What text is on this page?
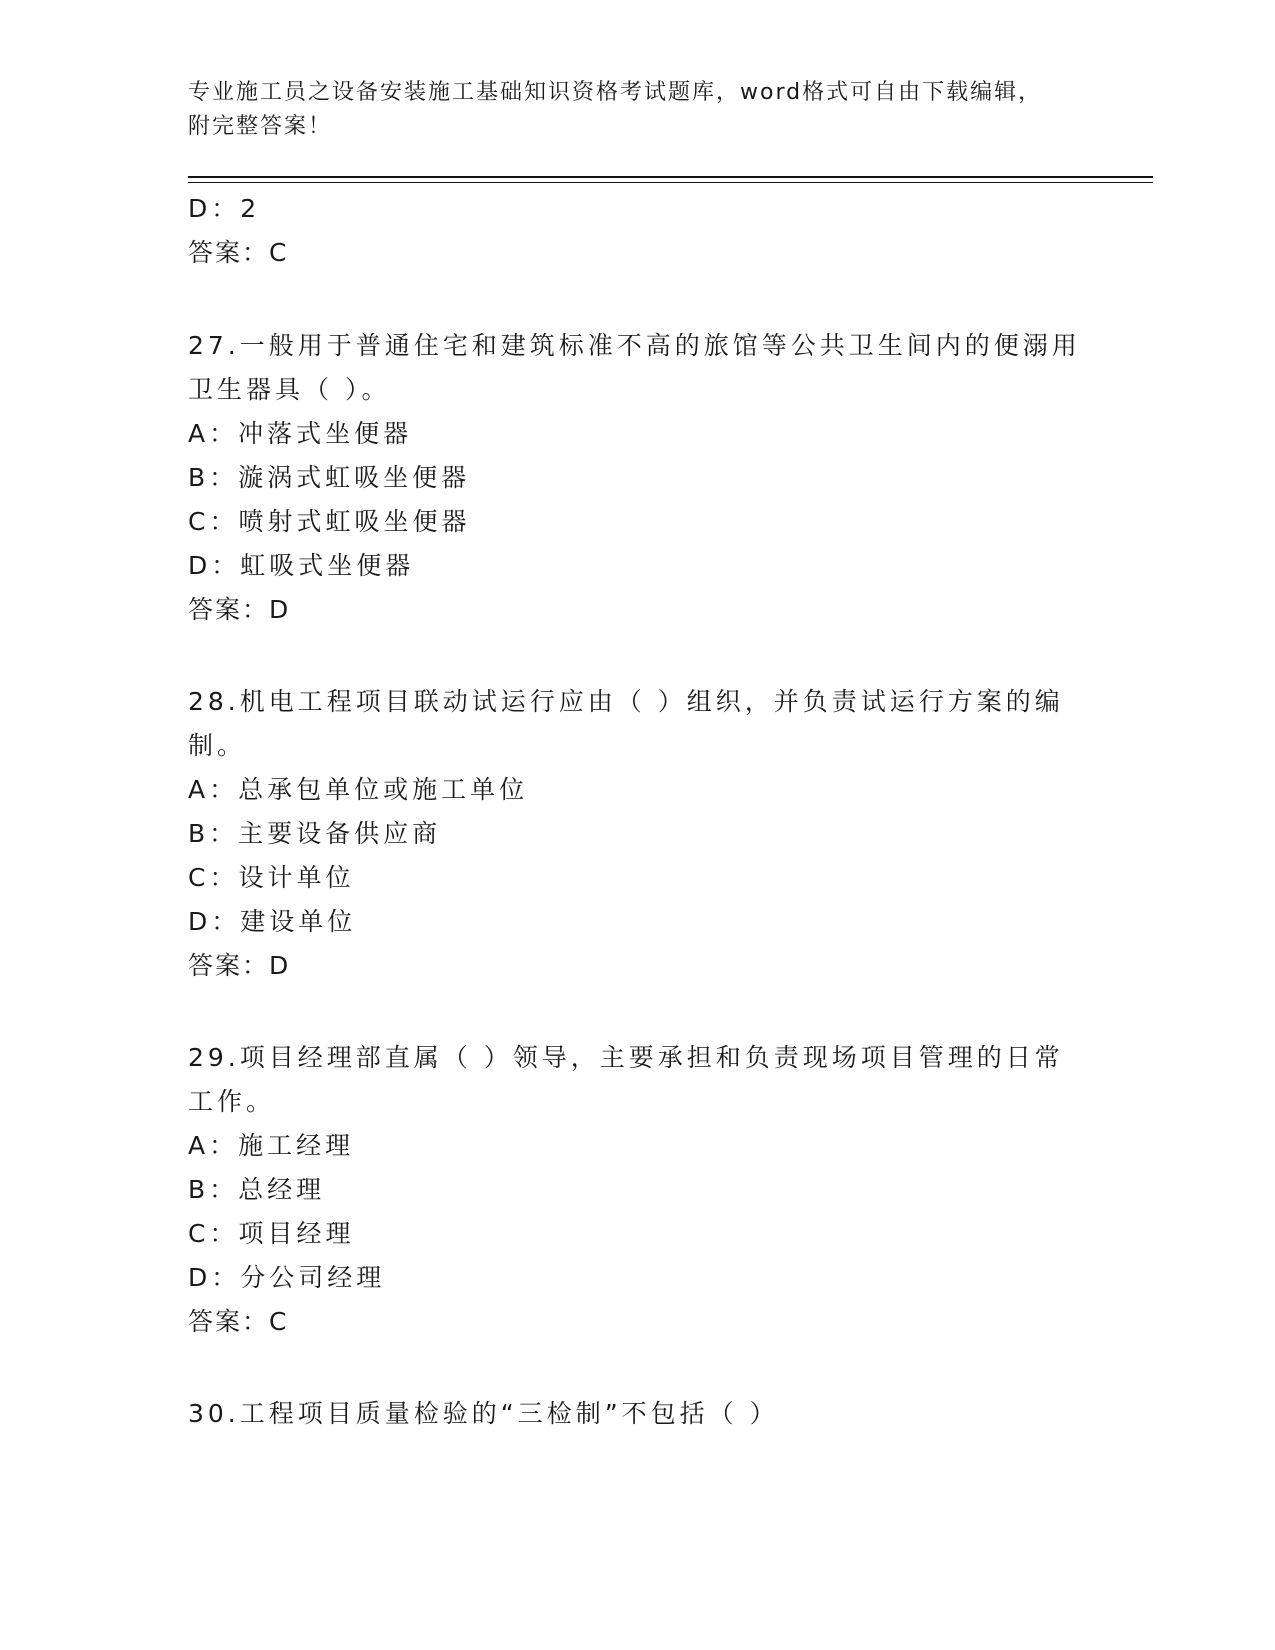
专业施工员之设备安装施工基础知识资格考试题库，word格式可自由下载编辑，
附完整答案！
D：2
答案：C
27.一般用于普通住宅和建筑标准不高的旅馆等公共卫生间内的便溺用
卫生器具（ ）。
A：冲落式坐便器
B：漩涡式虹吸坐便器
C：喷射式虹吸坐便器
D：虹吸式坐便器
答案：D
28.机电工程项目联动试运行应由（ ）组织，并负责试运行方案的编
制。
A：总承包单位或施工单位
B：主要设备供应商
C：设计单位
D：建设单位
答案：D
29.项目经理部直属（ ）领导，主要承担和负责现场项目管理的日常
工作。
A：施工经理
B：总经理
C：项目经理
D：分公司经理
答案：C
30.工程项目质量检验的“三检制”不包括（ ）
